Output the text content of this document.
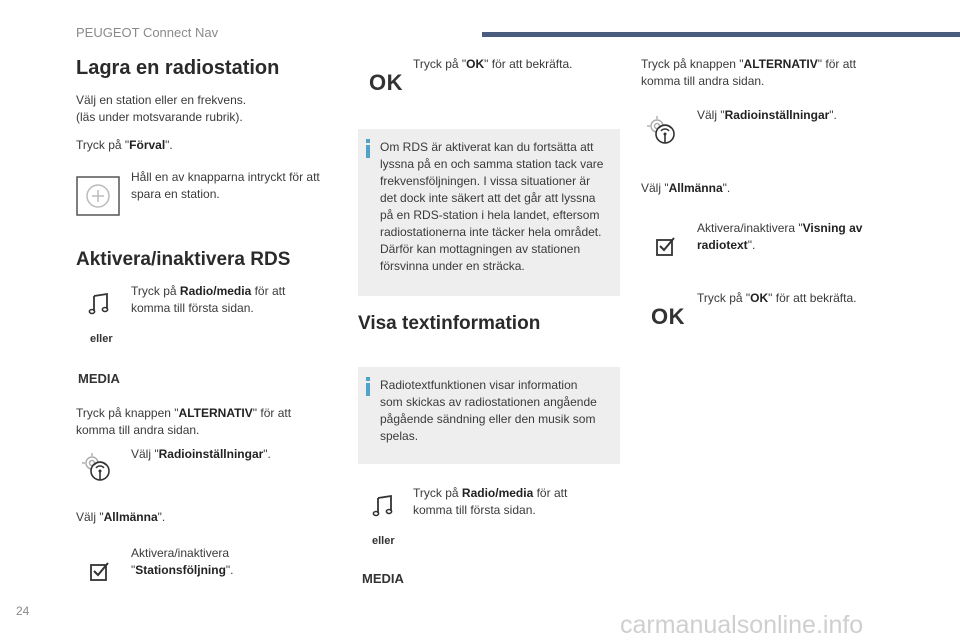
PEUGEOT Connect Nav
Lagra en radiostation
Välj en station eller en frekvens.
(läs under motsvarande rubrik).
Tryck på "Förval".
Håll en av knapparna intryckt för att
spara en station.
Aktivera/inaktivera RDS
Tryck på Radio/media för att
komma till första sidan.
eller
MEDIA
Tryck på knappen "ALTERNATIV" för att
komma till andra sidan.
Välj "Radioinställningar".
Välj "Allmänna".
Aktivera/inaktivera
"Stationsföljning".
OK
Tryck på "OK" för att bekräfta.
Om RDS är aktiverat kan du fortsätta att
lyssna på en och samma station tack vare
frekvensföljningen. I vissa situationer är
det dock inte säkert att det går att lyssna
på en RDS-station i hela landet, eftersom
radiostationerna inte täcker hela området.
Därför kan mottagningen av stationen
försvinna under en sträcka.
Visa textinformation
Radiotextfunktionen visar information
som skickas av radiostationen angående
pågående sändning eller den musik som
spelas.
Tryck på Radio/media för att
komma till första sidan.
eller
MEDIA
Tryck på knappen "ALTERNATIV" för att
komma till andra sidan.
Välj "Radioinställningar".
Välj "Allmänna".
Aktivera/inaktivera "Visning av
radiotext".
OK
Tryck på "OK" för att bekräfta.
24	carmanualsonline.info
